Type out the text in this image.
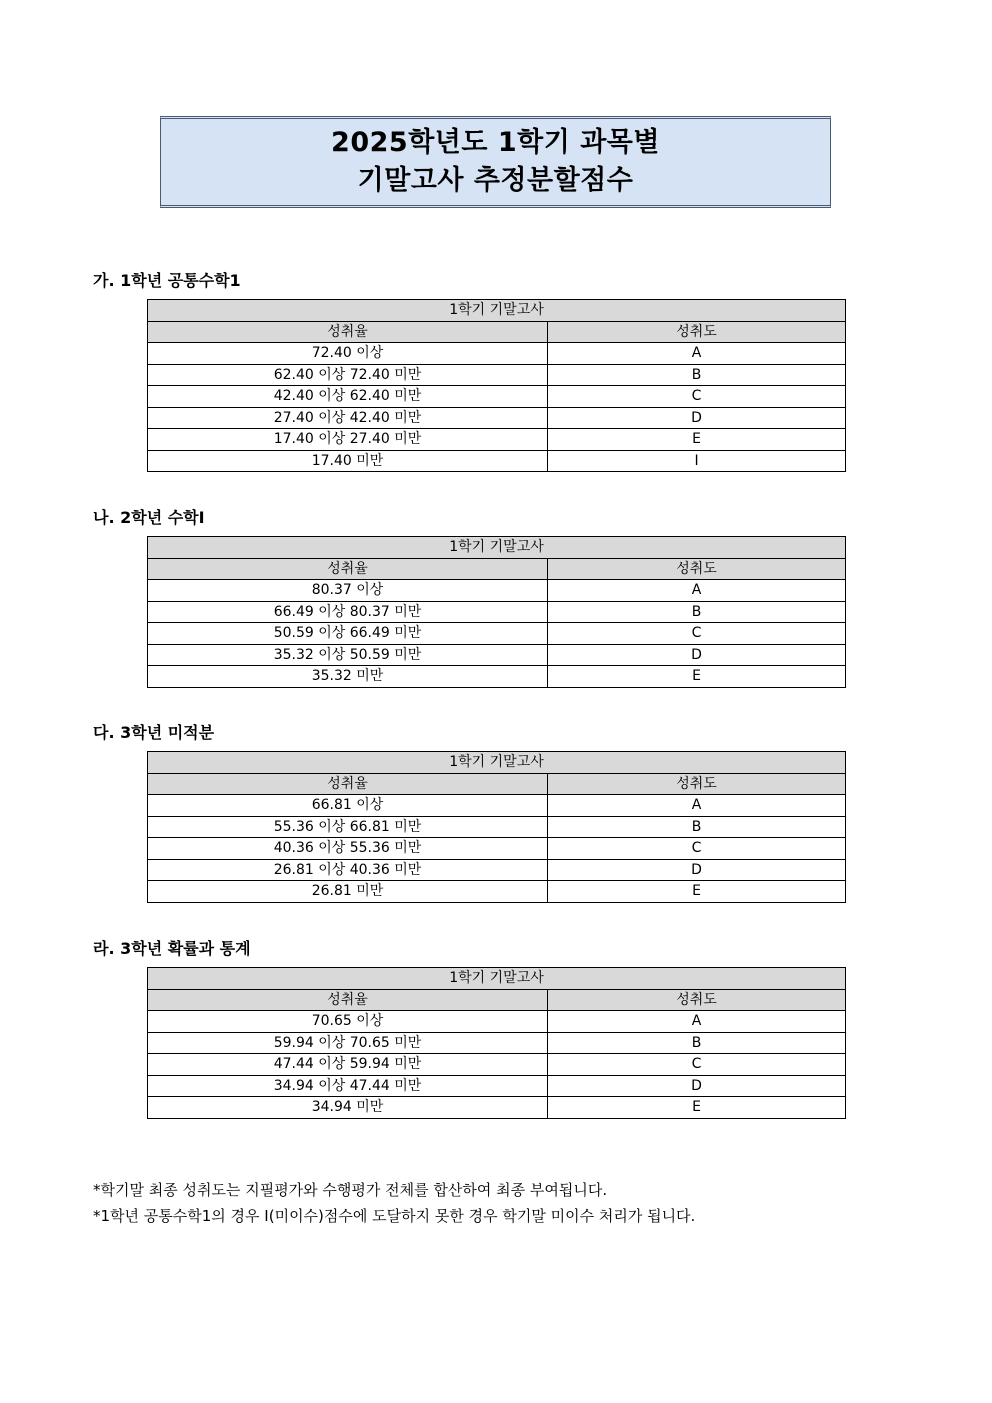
2025학년도 1학기 과목별
기말고사 추정분할점수
가. 1학년 공통수학1
1학기 기말고사	
성취율	성취도
72.40 이상	A
62.40 이상 72.40 미만	B
42.40 이상 62.40 미만	C
27.40 이상 42.40 미만	D
17.40 이상 27.40 미만	E
17.40 미만	I
나. 2학년 수학Ⅰ
1학기 기말고사	
성취율	성취도
80.37 이상	A
66.49 이상 80.37 미만	B
50.59 이상 66.49 미만	C
35.32 이상 50.59 미만	D
35.32 미만	E
다. 3학년 미적분
1학기 기말고사	
성취율	성취도
66.81 이상	A
55.36 이상 66.81 미만	B
40.36 이상 55.36 미만	C
26.81 이상 40.36 미만	D
26.81 미만	E
라. 3학년 확률과 통계
1학기 기말고사	
성취율	성취도
70.65 이상	A
59.94 이상 70.65 미만	B
47.44 이상 59.94 미만	C
34.94 이상 47.44 미만	D
34.94 미만	E
*학기말 최종 성취도는 지필평가와 수행평가 전체를 합산하여 최종 부여됩니다.
*1학년 공통수학1의 경우 I(미이수)점수에 도달하지 못한 경우 학기말 미이수 처리가 됩니다.
